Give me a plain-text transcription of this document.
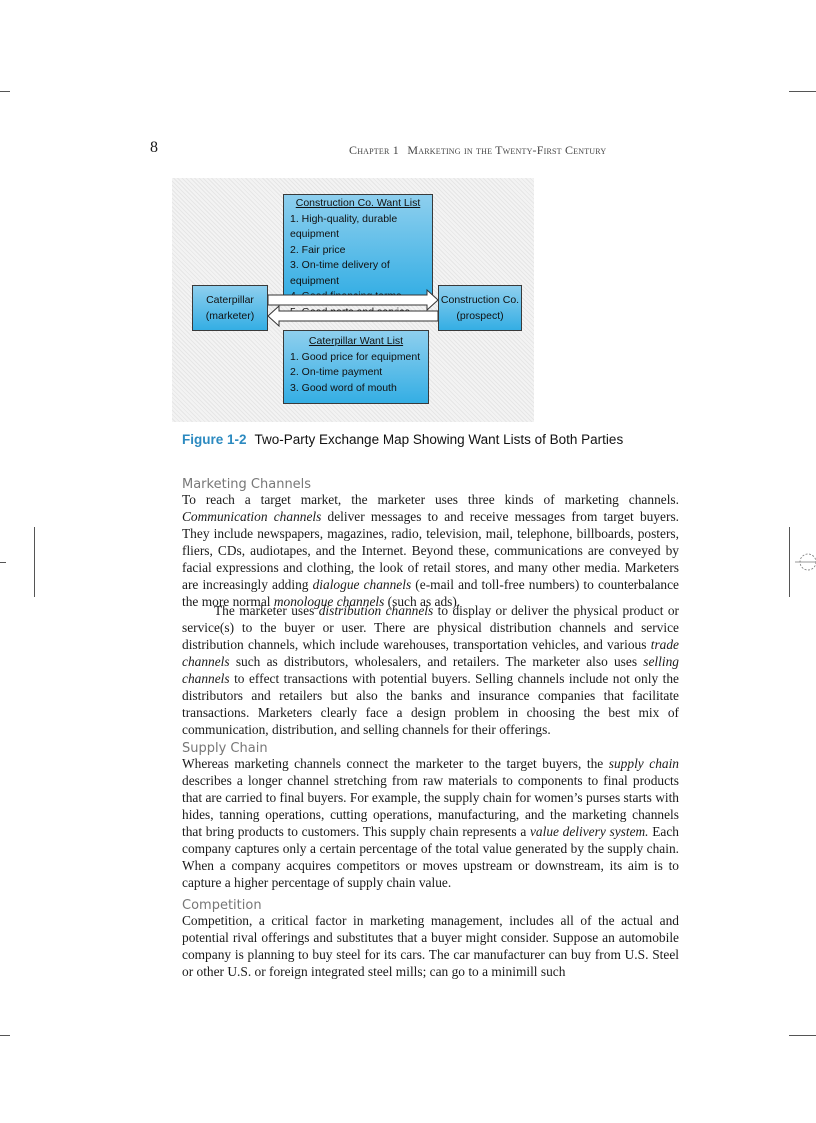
8	Chapter 1 Marketing in the Twenty-First Century
Construction Co. Want List
1. High-quality, durable equipment
2. Fair price
3. On-time delivery of equipment
Caterpillar
(marketer)
Construction Co.
(prospect)
Caterpillar Want List
1. Good price for equipment
2. On-time payment
3. Good word of mouth
Figure 1-2 Two-Party Exchange Map Showing Want Lists of Both Parties
Marketing Channels

To reach a target market, the marketer uses three kinds of marketing channels. Communication channels deliver messages to and receive messages from target buyers. They include newspapers, magazines, radio, television, mail, telephone, billboards, posters, fliers, CDs, audiotapes, and the Internet. Beyond these, communications are conveyed by facial expressions and clothing, the look of retail stores, and many other media. Marketers are increasingly adding dialogue channels (e-mail and toll-free numbers) to counterbalance the more normal monologue channels (such as ads).

The marketer uses distribution channels to display or deliver the physical product or service(s) to the buyer or user. There are physical distribution channels and service distribution channels, which include warehouses, transportation vehicles, and various trade channels such as distributors, wholesalers, and retailers. The marketer also uses selling channels to effect transactions with potential buyers. Selling channels include not only the distributors and retailers but also the banks and insurance companies that facilitate transactions. Marketers clearly face a design problem in choosing the best mix of communication, distribution, and selling channels for their offerings.

Supply Chain

Whereas marketing channels connect the marketer to the target buyers, the supply chain describes a longer channel stretching from raw materials to components to final products that are carried to final buyers. For example, the supply chain for women’s purses starts with hides, tanning operations, cutting operations, manufacturing, and the marketing channels that bring products to customers. This supply chain represents a value delivery system. Each company captures only a certain percentage of the total value generated by the supply chain. When a company acquires competitors or moves upstream or downstream, its aim is to capture a higher percentage of supply chain value.

Competition

Competition, a critical factor in marketing management, includes all of the actual and potential rival offerings and substitutes that a buyer might consider. Suppose an automobile company is planning to buy steel for its cars. The car manufacturer can buy from U.S. Steel or other U.S. or foreign integrated steel mills; can go to a minimill such
